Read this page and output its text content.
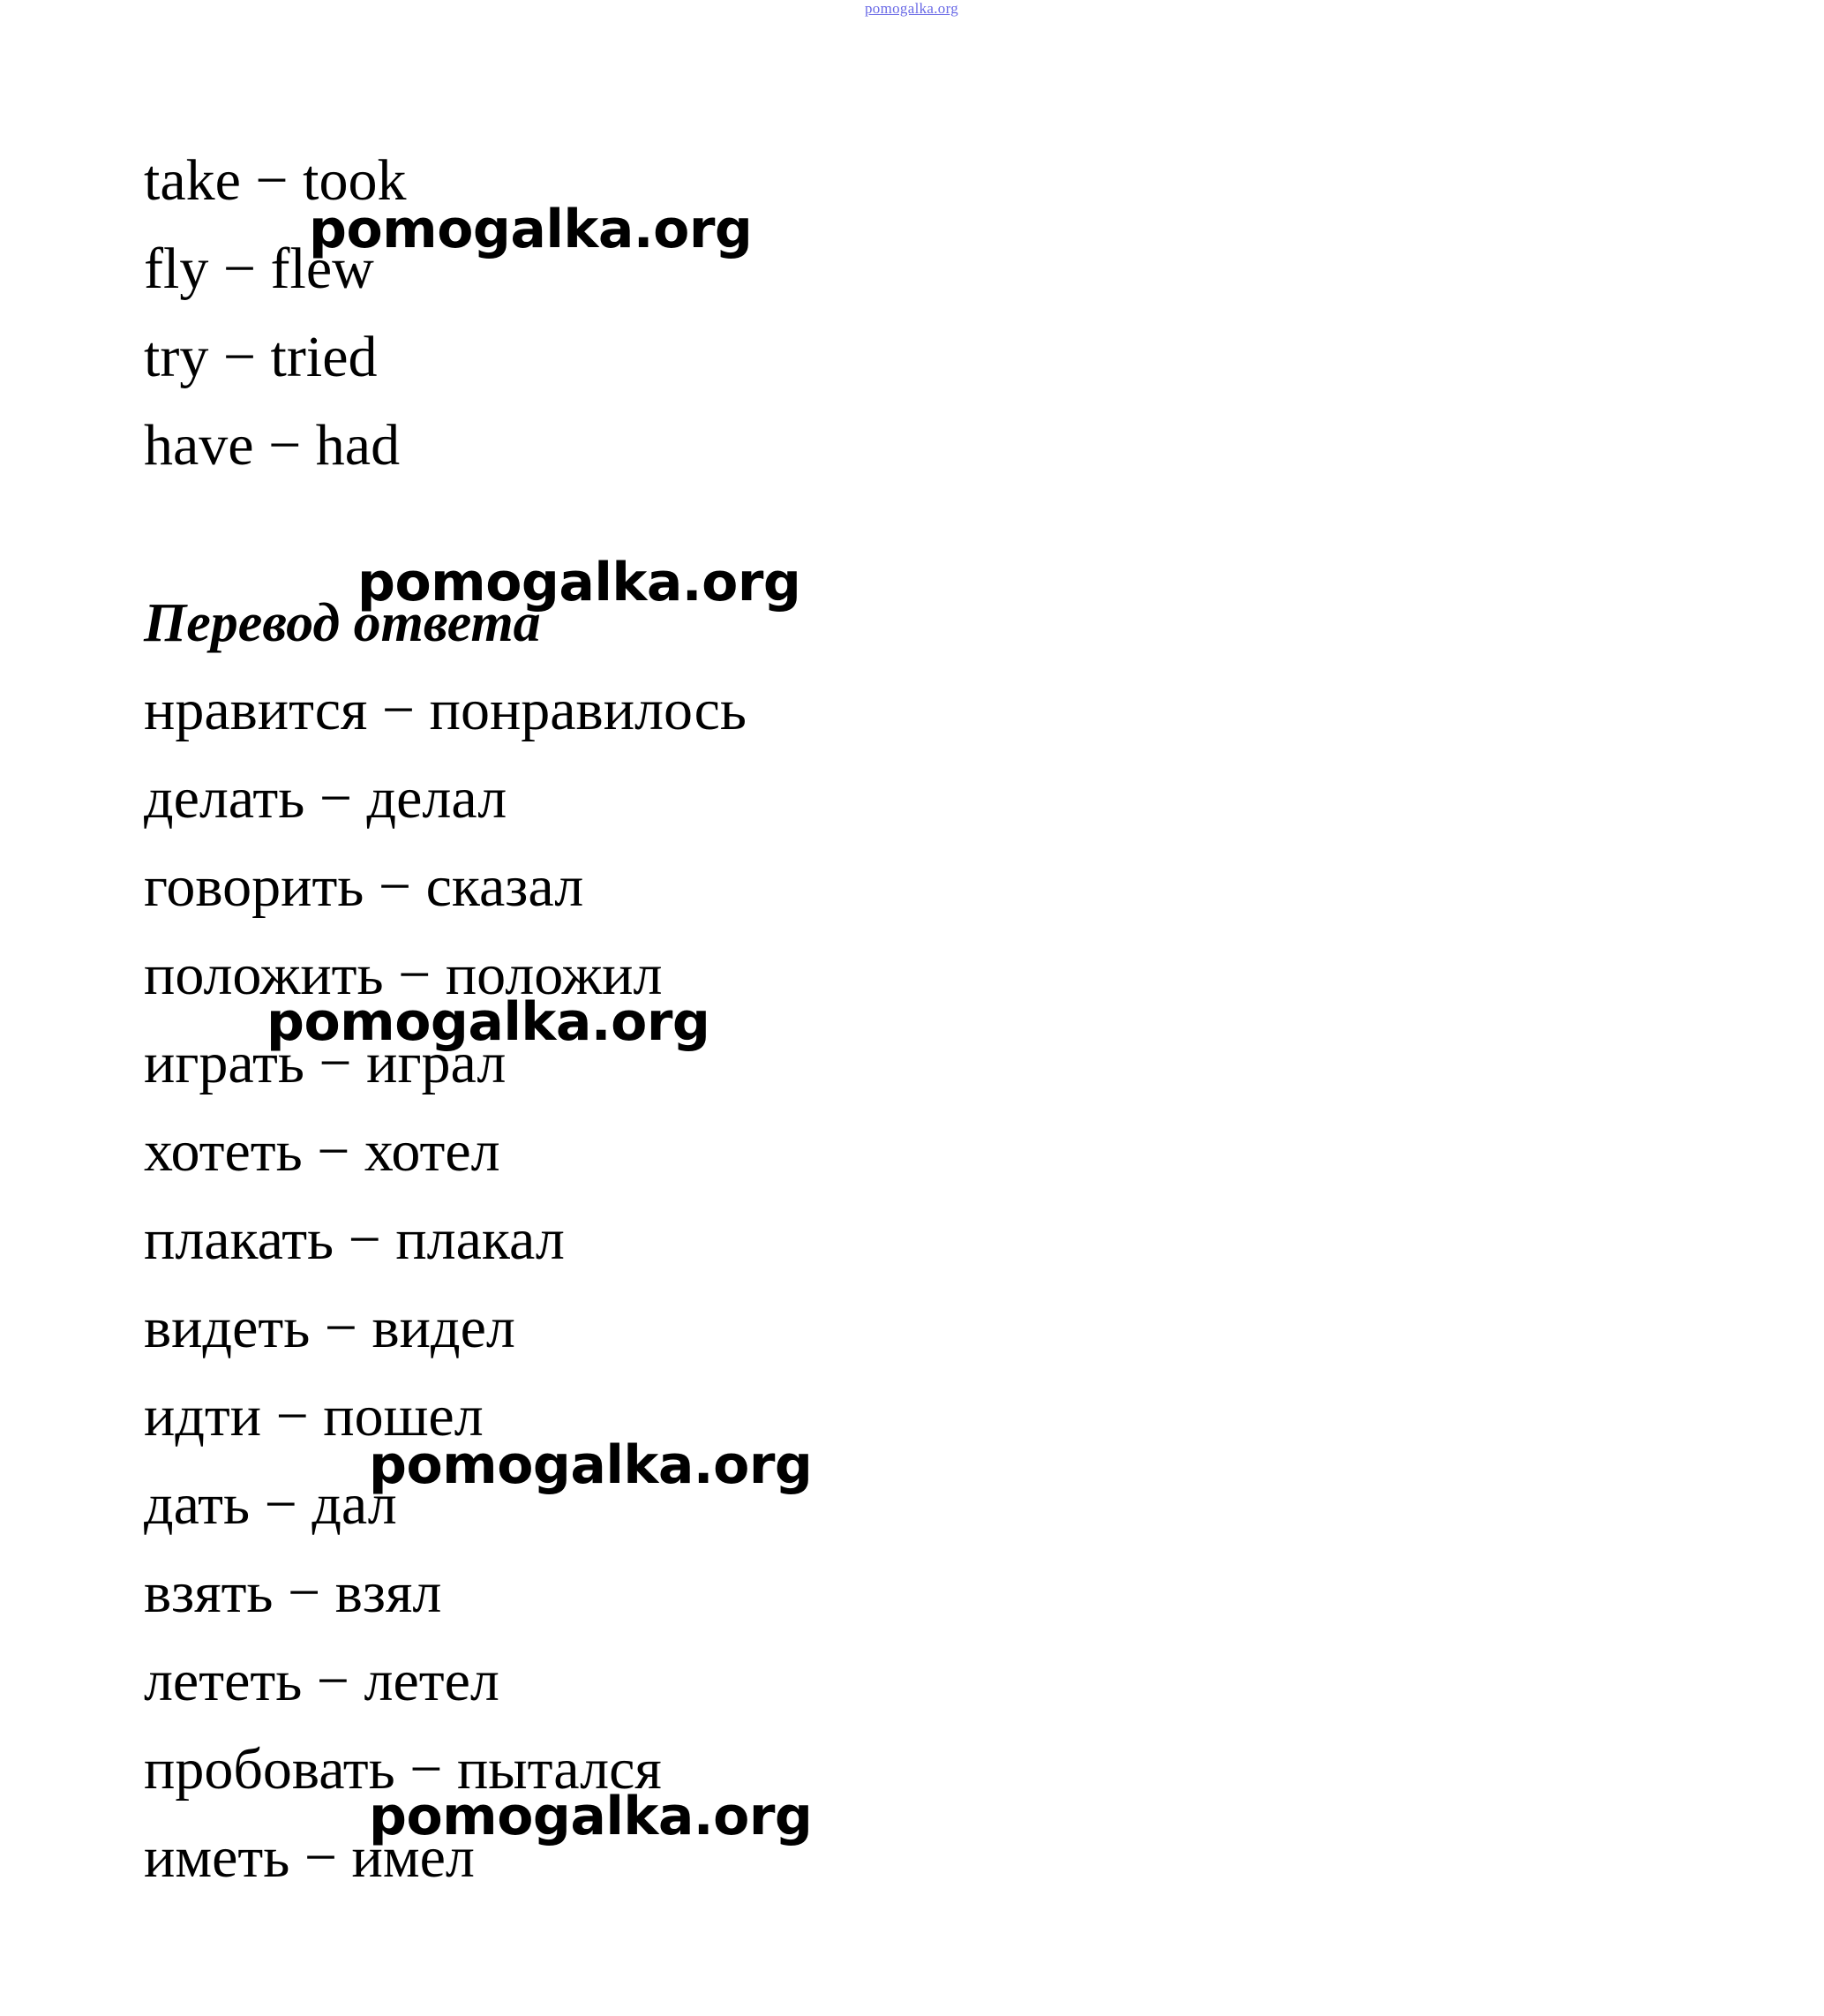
pomogalka.org
take − took
fly − flew
try − tried
have − had
Перевод ответа
нравится − понравилось
делать − делал
говорить − сказал
положить − положил
играть − играл
хотеть − хотел
плакать − плакал
видеть − видел
идти − пошел
дать − дал
взять − взял
лететь − летел
пробовать − пытался
иметь − имел
pomogalka.org
pomogalka.org
pomogalka.org
pomogalka.org
pomogalka.org
